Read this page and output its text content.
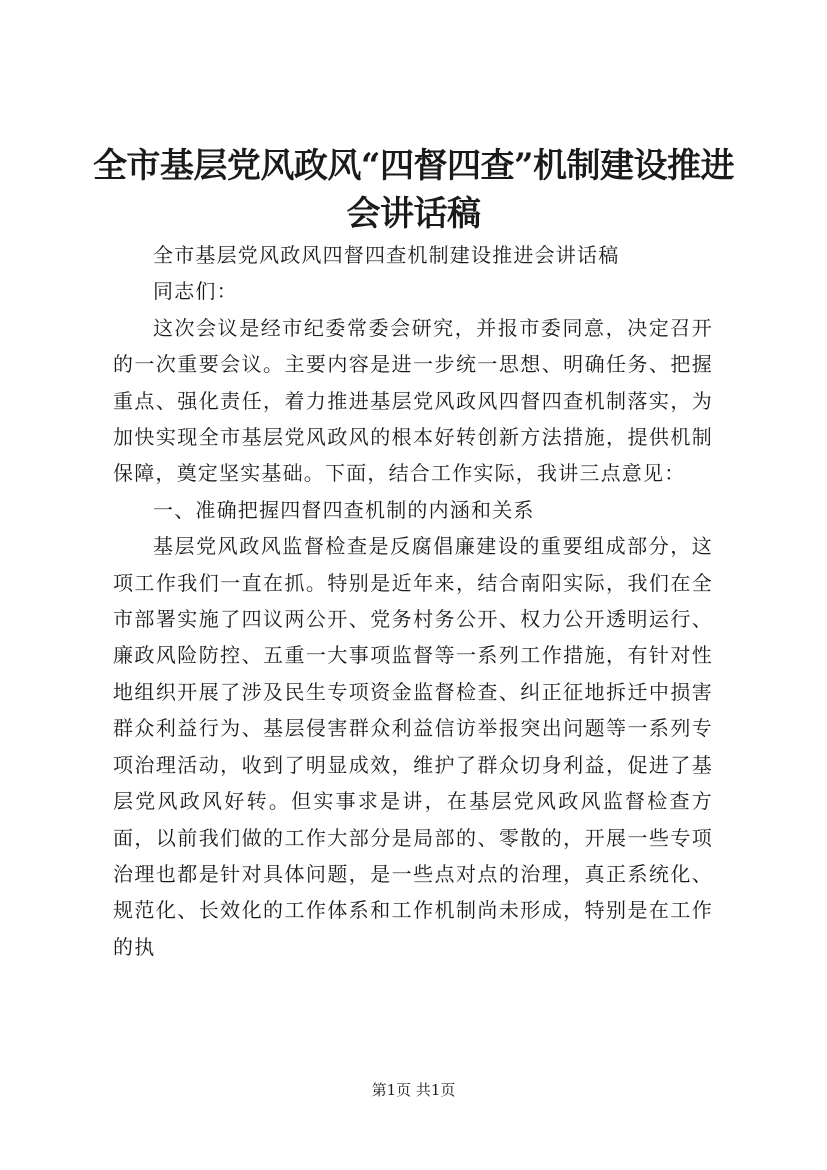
全市基层党风政风“四督四查”机制建设推进会讲话稿

全市基层党风政风四督四查机制建设推进会讲话稿

同志们：

这次会议是经市纪委常委会研究，并报市委同意，决定召开的一次重要会议。主要内容是进一步统一思想、明确任务、把握重点、强化责任，着力推进基层党风政风四督四查机制落实，为加快实现全市基层党风政风的根本好转创新方法措施，提供机制保障，奠定坚实基础。下面，结合工作实际，我讲三点意见：

一、准确把握四督四查机制的内涵和关系

基层党风政风监督检查是反腐倡廉建设的重要组成部分，这项工作我们一直在抓。特别是近年来，结合南阳实际，我们在全市部署实施了四议两公开、党务村务公开、权力公开透明运行、廉政风险防控、五重一大事项监督等一系列工作措施，有针对性地组织开展了涉及民生专项资金监督检查、纠正征地拆迁中损害群众利益行为、基层侵害群众利益信访举报突出问题等一系列专项治理活动，收到了明显成效，维护了群众切身利益，促进了基层党风政风好转。但实事求是讲，在基层党风政风监督检查方面，以前我们做的工作大部分是局部的、零散的，开展一些专项治理也都是针对具体问题，是一些点对点的治理，真正系统化、规范化、长效化的工作体系和工作机制尚未形成，特别是在工作的执

第1页 共1页
